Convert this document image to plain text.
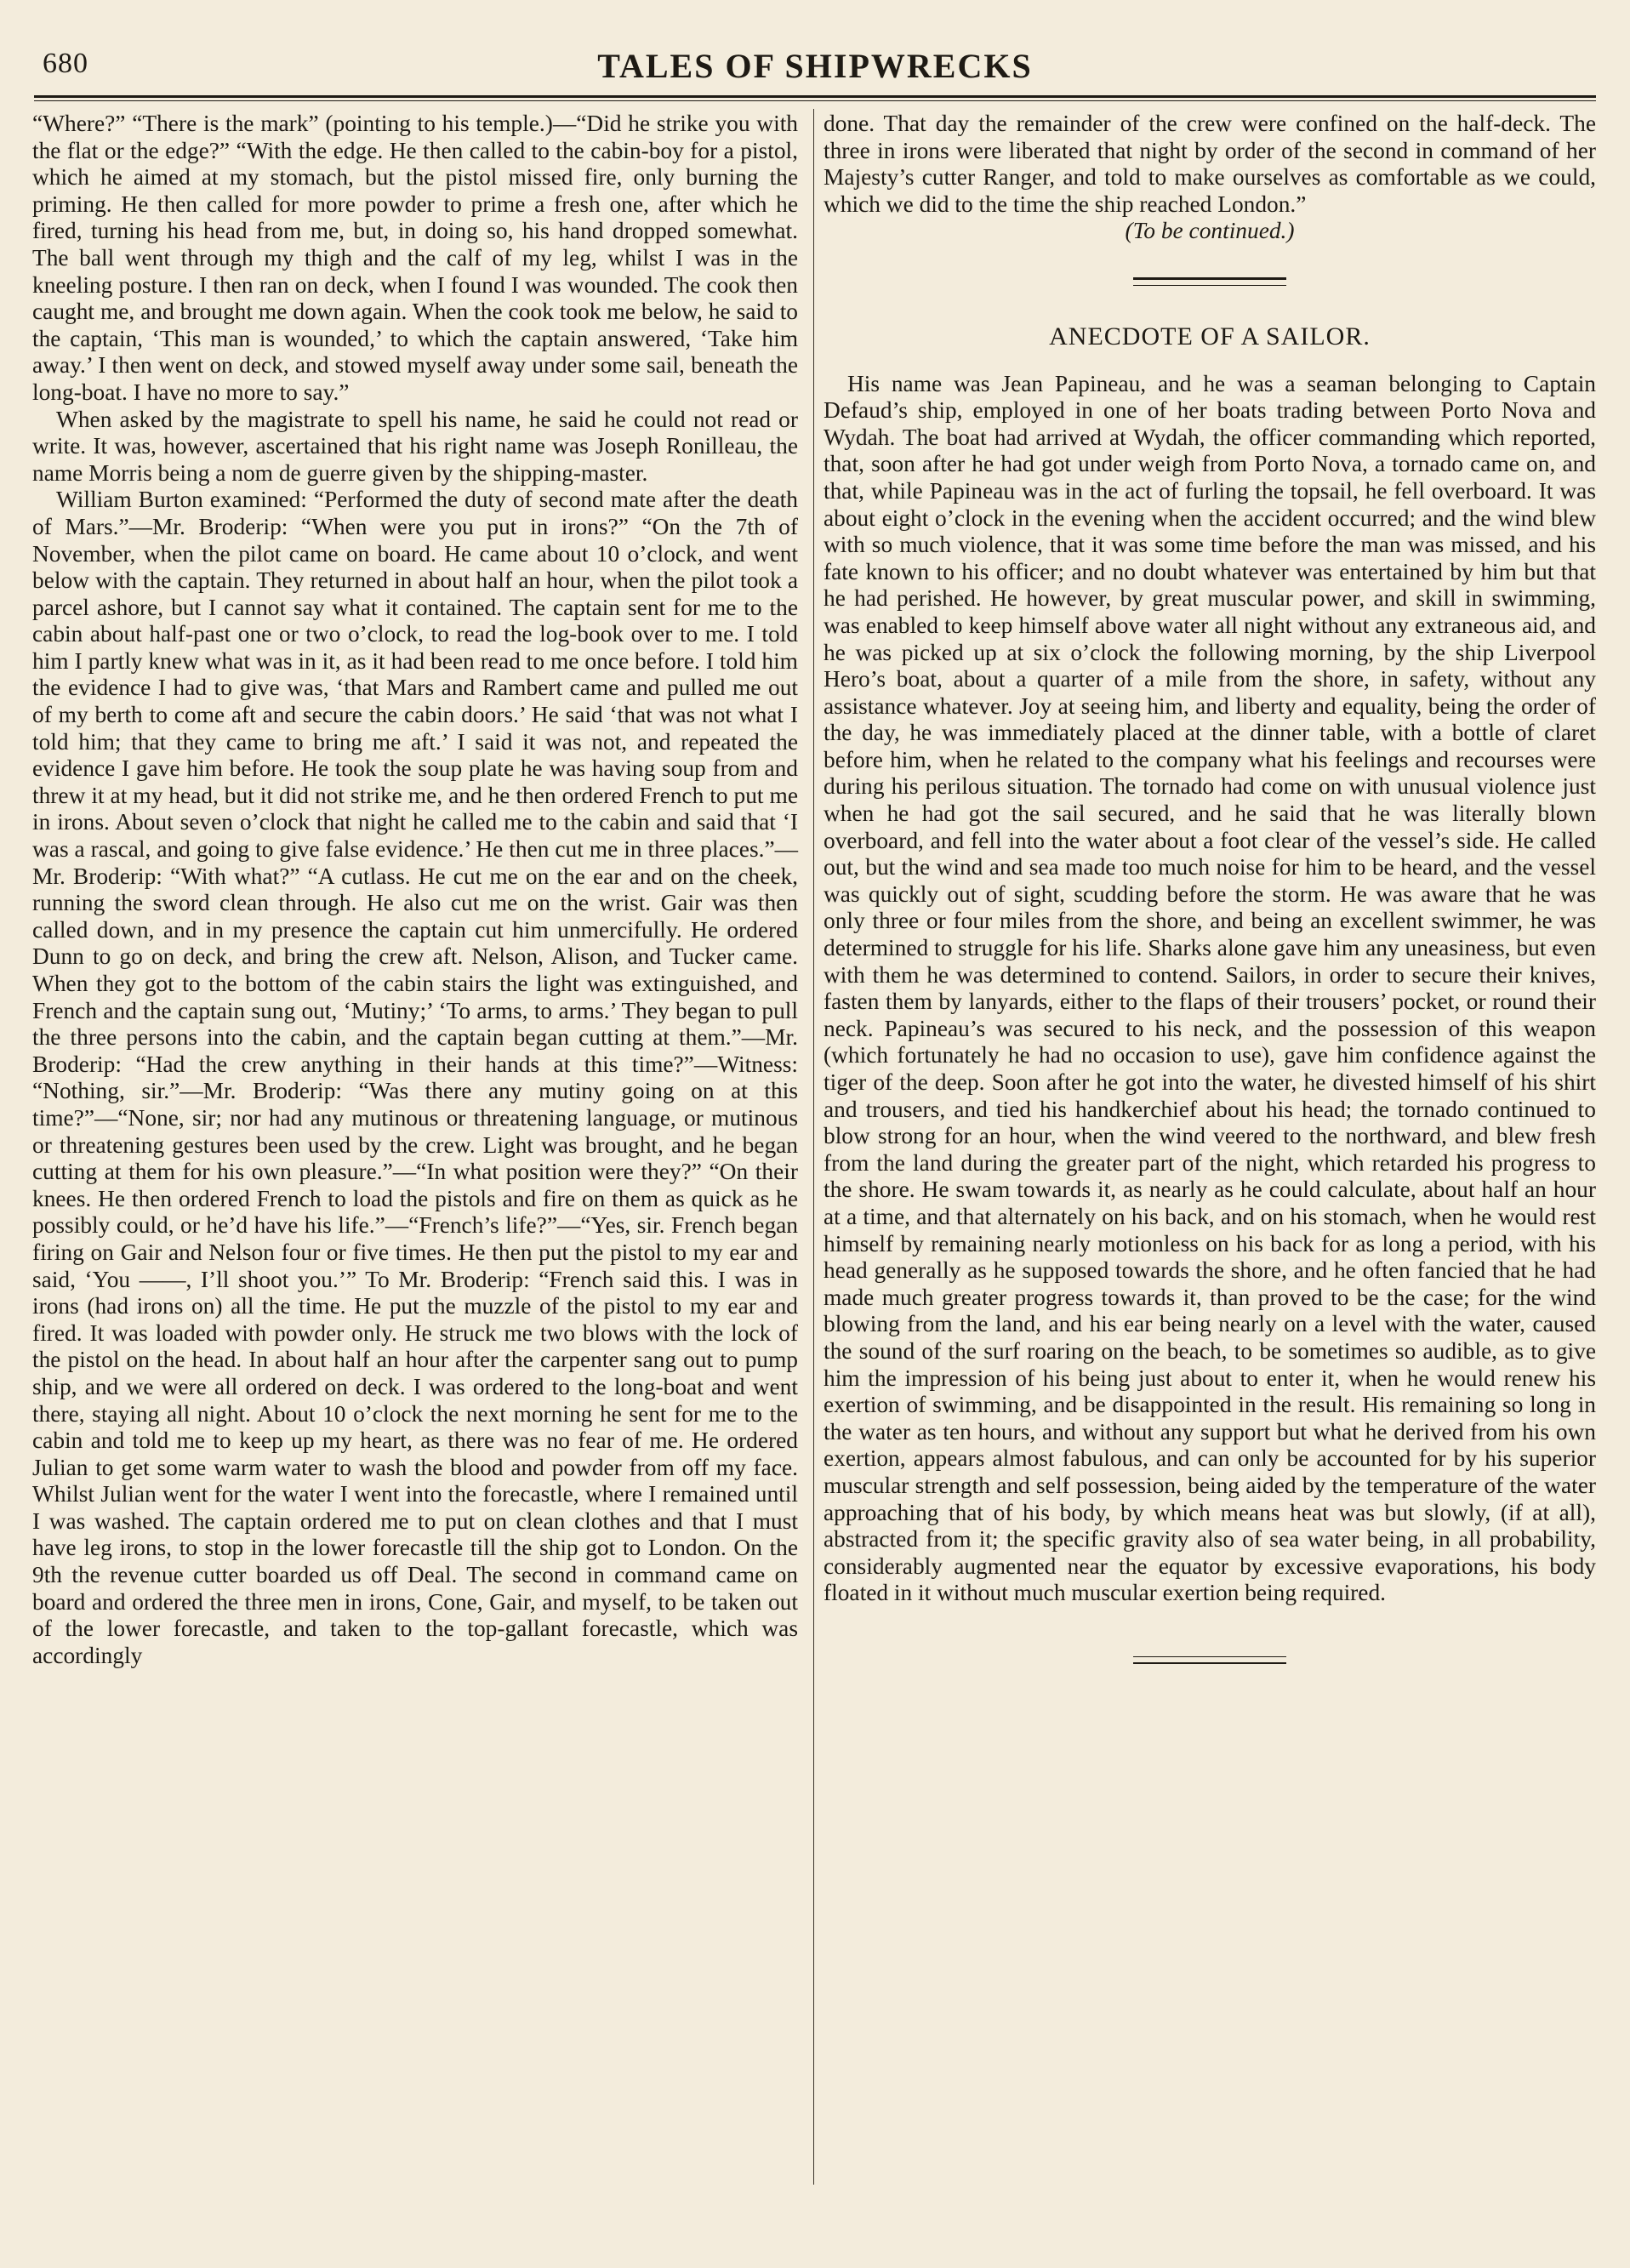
680	TALES OF SHIPWRECKS

“Where?” “There is the mark” (pointing to his temple.)—“Did he strike you with the flat or the edge?” “With the edge. He then called to the cabin-boy for a pistol, which he aimed at my stomach, but the pistol missed fire, only burning the priming. He then called for more powder to prime a fresh one, after which he fired, turning his head from me, but, in doing so, his hand dropped somewhat. The ball went through my thigh and the calf of my leg, whilst I was in the kneeling posture. I then ran on deck, when I found I was wounded. The cook then caught me, and brought me down again. When the cook took me below, he said to the captain, ‘This man is wounded,’ to which the captain answered, ‘Take him away.’ I then went on deck, and stowed myself away under some sail, beneath the long-boat. I have no more to say.”

When asked by the magistrate to spell his name, he said he could not read or write. It was, however, ascertained that his right name was Joseph Ronilleau, the name Morris being a nom de guerre given by the shipping-master.

William Burton examined: “Performed the duty of second mate after the death of Mars.”—Mr. Broderip: “When were you put in irons?” “On the 7th of November, when the pilot came on board. He came about 10 o’clock, and went below with the captain. They returned in about half an hour, when the pilot took a parcel ashore, but I cannot say what it contained. The captain sent for me to the cabin about half-past one or two o’clock, to read the log-book over to me. I told him I partly knew what was in it, as it had been read to me once before. I told him the evidence I had to give was, ‘that Mars and Rambert came and pulled me out of my berth to come aft and secure the cabin doors.’ He said ‘that was not what I told him; that they came to bring me aft.’ I said it was not, and repeated the evidence I gave him before. He took the soup plate he was having soup from and threw it at my head, but it did not strike me, and he then ordered French to put me in irons. About seven o’clock that night he called me to the cabin and said that ‘I was a rascal, and going to give false evidence.’ He then cut me in three places.”—Mr. Broderip: “With what?” “A cutlass. He cut me on the ear and on the cheek, running the sword clean through. He also cut me on the wrist. Gair was then called down, and in my presence the captain cut him unmercifully. He ordered Dunn to go on deck, and bring the crew aft. Nelson, Alison, and Tucker came. When they got to the bottom of the cabin stairs the light was extinguished, and French and the captain sung out, ‘Mutiny;’ ‘To arms, to arms.’ They began to pull the three persons into the cabin, and the captain began cutting at them.”—Mr. Broderip: “Had the crew anything in their hands at this time?”—Witness: “Nothing, sir.”—Mr. Broderip: “Was there any mutiny going on at this time?”—“None, sir; nor had any mutinous or threatening language, or mutinous or threatening gestures been used by the crew. Light was brought, and he began cutting at them for his own pleasure.”—“In what position were they?” “On their knees. He then ordered French to load the pistols and fire on them as quick as he possibly could, or he’d have his life.”—“French’s life?”—“Yes, sir. French began firing on Gair and Nelson four or five times. He then put the pistol to my ear and said, ‘You ——, I’ll shoot you.’” To Mr. Broderip: “French said this. I was in irons (had irons on) all the time. He put the muzzle of the pistol to my ear and fired. It was loaded with powder only. He struck me two blows with the lock of the pistol on the head. In about half an hour after the carpenter sang out to pump ship, and we were all ordered on deck. I was ordered to the long-boat and went there, staying all night. About 10 o’clock the next morning he sent for me to the cabin and told me to keep up my heart, as there was no fear of me. He ordered Julian to get some warm water to wash the blood and powder from off my face. Whilst Julian went for the water I went into the forecastle, where I remained until I was washed. The captain ordered me to put on clean clothes and that I must have leg irons, to stop in the lower forecastle till the ship got to London. On the 9th the revenue cutter boarded us off Deal. The second in command came on board and ordered the three men in irons, Cone, Gair, and myself, to be taken out of the lower forecastle, and taken to the top-gallant forecastle, which was accordingly

done. That day the remainder of the crew were confined on the half-deck. The three in irons were liberated that night by order of the second in command of her Majesty’s cutter Ranger, and told to make ourselves as comfortable as we could, which we did to the time the ship reached London.”

(To be continued.)

ANECDOTE OF A SAILOR.

His name was Jean Papineau, and he was a seaman belonging to Captain Defaud’s ship, employed in one of her boats trading between Porto Nova and Wydah. The boat had arrived at Wydah, the officer commanding which reported, that, soon after he had got under weigh from Porto Nova, a tornado came on, and that, while Papineau was in the act of furling the topsail, he fell overboard. It was about eight o’clock in the evening when the accident occurred; and the wind blew with so much violence, that it was some time before the man was missed, and his fate known to his officer; and no doubt whatever was entertained by him but that he had perished. He however, by great muscular power, and skill in swimming, was enabled to keep himself above water all night without any extraneous aid, and he was picked up at six o’clock the following morning, by the ship Liverpool Hero’s boat, about a quarter of a mile from the shore, in safety, without any assistance whatever. Joy at seeing him, and liberty and equality, being the order of the day, he was immediately placed at the dinner table, with a bottle of claret before him, when he related to the company what his feelings and recourses were during his perilous situation. The tornado had come on with unusual violence just when he had got the sail secured, and he said that he was literally blown overboard, and fell into the water about a foot clear of the vessel’s side. He called out, but the wind and sea made too much noise for him to be heard, and the vessel was quickly out of sight, scudding before the storm. He was aware that he was only three or four miles from the shore, and being an excellent swimmer, he was determined to struggle for his life. Sharks alone gave him any uneasiness, but even with them he was determined to contend. Sailors, in order to secure their knives, fasten them by lanyards, either to the flaps of their trousers’ pocket, or round their neck. Papineau’s was secured to his neck, and the possession of this weapon (which fortunately he had no occasion to use), gave him confidence against the tiger of the deep. Soon after he got into the water, he divested himself of his shirt and trousers, and tied his handkerchief about his head; the tornado continued to blow strong for an hour, when the wind veered to the northward, and blew fresh from the land during the greater part of the night, which retarded his progress to the shore. He swam towards it, as nearly as he could calculate, about half an hour at a time, and that alternately on his back, and on his stomach, when he would rest himself by remaining nearly motionless on his back for as long a period, with his head generally as he supposed towards the shore, and he often fancied that he had made much greater progress towards it, than proved to be the case; for the wind blowing from the land, and his ear being nearly on a level with the water, caused the sound of the surf roaring on the beach, to be sometimes so audible, as to give him the impression of his being just about to enter it, when he would renew his exertion of swimming, and be disappointed in the result. His remaining so long in the water as ten hours, and without any support but what he derived from his own exertion, appears almost fabulous, and can only be accounted for by his superior muscular strength and self possession, being aided by the temperature of the water approaching that of his body, by which means heat was but slowly, (if at all), abstracted from it; the specific gravity also of sea water being, in all probability, considerably augmented near the equator by excessive evaporations, his body floated in it without much muscular exertion being required.
